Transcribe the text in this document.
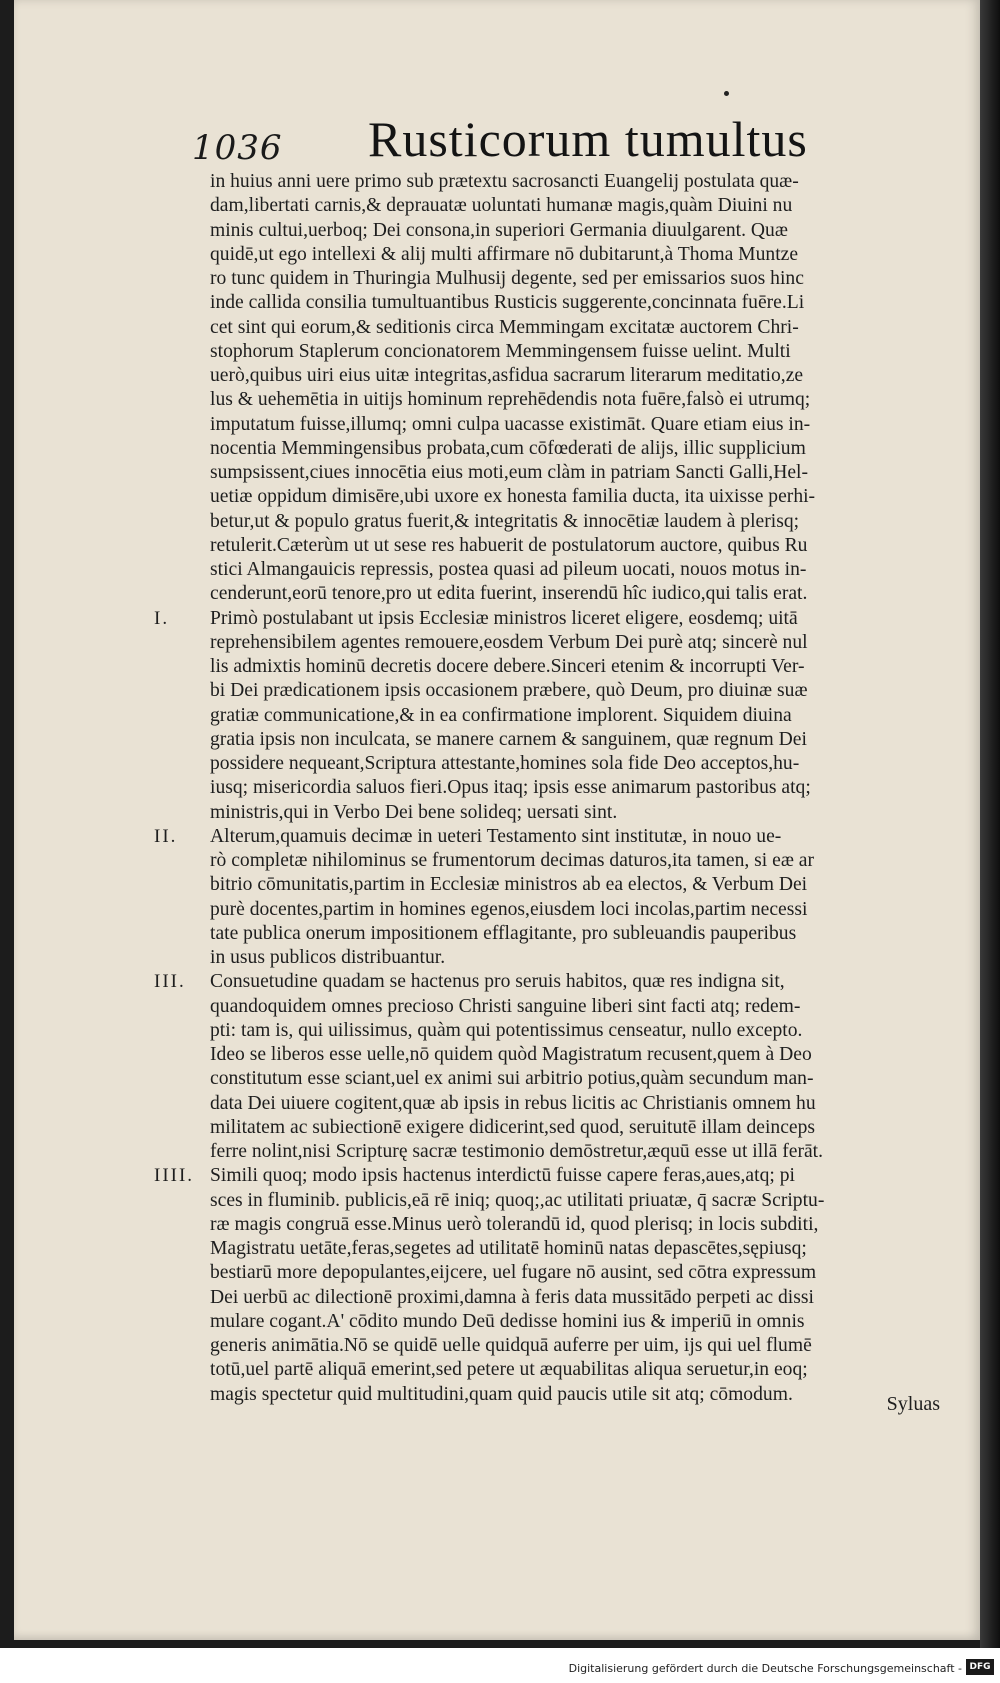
1036 Rusticorum tumultus
in huius anni uere primo sub prætextu sacrosancti Euangelij postulata quæ-
dam,libertati carnis,& deprauatæ uoluntati humanæ magis,quàm Diuini nu
minis cultui,uerboq; Dei consona,in superiori Germania diuulgarent. Quæ
quidē,ut ego intellexi & alij multi affirmare nō dubitarunt,à Thoma Muntze
ro tunc quidem in Thuringia Mulhusij degente, sed per emissarios suos hinc
inde callida consilia tumultuantibus Rusticis suggerente,concinnata fuēre.Li
cet sint qui eorum,& seditionis circa Memmingam excitatæ auctorem Chri-
stophorum Staplerum concionatorem Memmingensem fuisse uelint. Multi
uerò,quibus uiri eius uitæ integritas,asfidua sacrarum literarum meditatio,ze
lus & uehemētia in uitijs hominum reprehēdendis nota fuēre,falsò ei utrumq;
imputatum fuisse,illumq; omni culpa uacasse existimāt. Quare etiam eius in-
nocentia Memmingensibus probata,cum cōfœderati de alijs, illic supplicium
sumpsissent,ciues innocētia eius moti,eum clàm in patriam Sancti Galli,Hel-
uetiæ oppidum dimisēre,ubi uxore ex honesta familia ducta, ita uixisse perhi-
betur,ut & populo gratus fuerit,& integritatis & innocētiæ laudem à plerisq;
retulerit.Cæterùm ut ut sese res habuerit de postulatorum auctore, quibus Ru
stici Almangauicis repressis, postea quasi ad pileum uocati, nouos motus in-
cenderunt,eorū tenore,pro ut edita fuerint, inserendū hîc iudico,qui talis erat.
I.	Primò postulabant ut ipsis Ecclesiæ ministros liceret eligere, eosdemq; uitā
reprehensibilem agentes remouere,eosdem Verbum Dei purè atq; sincerè nul
lis admixtis hominū decretis docere debere.Sinceri etenim & incorrupti Ver-
bi Dei prædicationem ipsis occasionem præbere, quò Deum, pro diuinæ suæ
gratiæ communicatione,& in ea confirmatione implorent. Siquidem diuina
gratia ipsis non inculcata, se manere carnem & sanguinem, quæ regnum Dei
possidere nequeant,Scriptura attestante,homines sola fide Deo acceptos,hu-
iusq; misericordia saluos fieri.Opus itaq; ipsis esse animarum pastoribus atq;
ministris,qui in Verbo Dei bene solideq; uersati sint.
II.	Alterum,quamuis decimæ in ueteri Testamento sint institutæ, in nouo ue-
rò completæ nihilominus se frumentorum decimas daturos,ita tamen, si eæ ar
bitrio cōmunitatis,partim in Ecclesiæ ministros ab ea electos, & Verbum Dei
purè docentes,partim in homines egenos,eiusdem loci incolas,partim necessi
tate publica onerum impositionem efflagitante, pro subleuandis pauperibus
in usus publicos distribuantur.
III.	Consuetudine quadam se hactenus pro seruis habitos, quæ res indigna sit,
quandoquidem omnes precioso Christi sanguine liberi sint facti atq; redem-
pti: tam is, qui uilissimus, quàm qui potentissimus censeatur, nullo excepto.
Ideo se liberos esse uelle,nō quidem quòd Magistratum recusent,quem à Deo
constitutum esse sciant,uel ex animi sui arbitrio potius,quàm secundum man-
data Dei uiuere cogitent,quæ ab ipsis in rebus licitis ac Christianis omnem hu
militatem ac subiectionē exigere didicerint,sed quod, seruitutē illam deinceps
ferre nolint,nisi Scripturę sacræ testimonio demōstretur,æquū esse ut illā ferāt.
IIII. Simili quoq; modo ipsis hactenus interdictū fuisse capere feras,aues,atq; pi
sces in fluminib. publicis,eā rē iniq; quoq;,ac utilitati priuatæ, q̄ sacræ Scriptu-
ræ magis congruā esse.Minus uerò tolerandū id, quod plerisq; in locis subditi,
Magistratu uetāte,feras,segetes ad utilitatē hominū natas depascētes,sępiusq;
bestiarū more depopulantes,eijcere, uel fugare nō ausint, sed cōtra expressum
Dei uerbū ac dilectionē proximi,damna à feris data mussitādo perpeti ac dissi
mulare cogant.A' cōdito mundo Deū dedisse homini ius & imperiū in omnis
generis animātia.Nō se quidē uelle quidquā auferre per uim, ijs qui uel flumē
totū,uel partē aliquā emerint,sed petere ut æquabilitas aliqua seruetur,in eoq;
magis spectetur quid multitudini,quam quid paucis utile sit atq; cōmodum.	Syluas
Digitalisierung gefördert durch die Deutsche Forschungsgemeinschaft - DFG
